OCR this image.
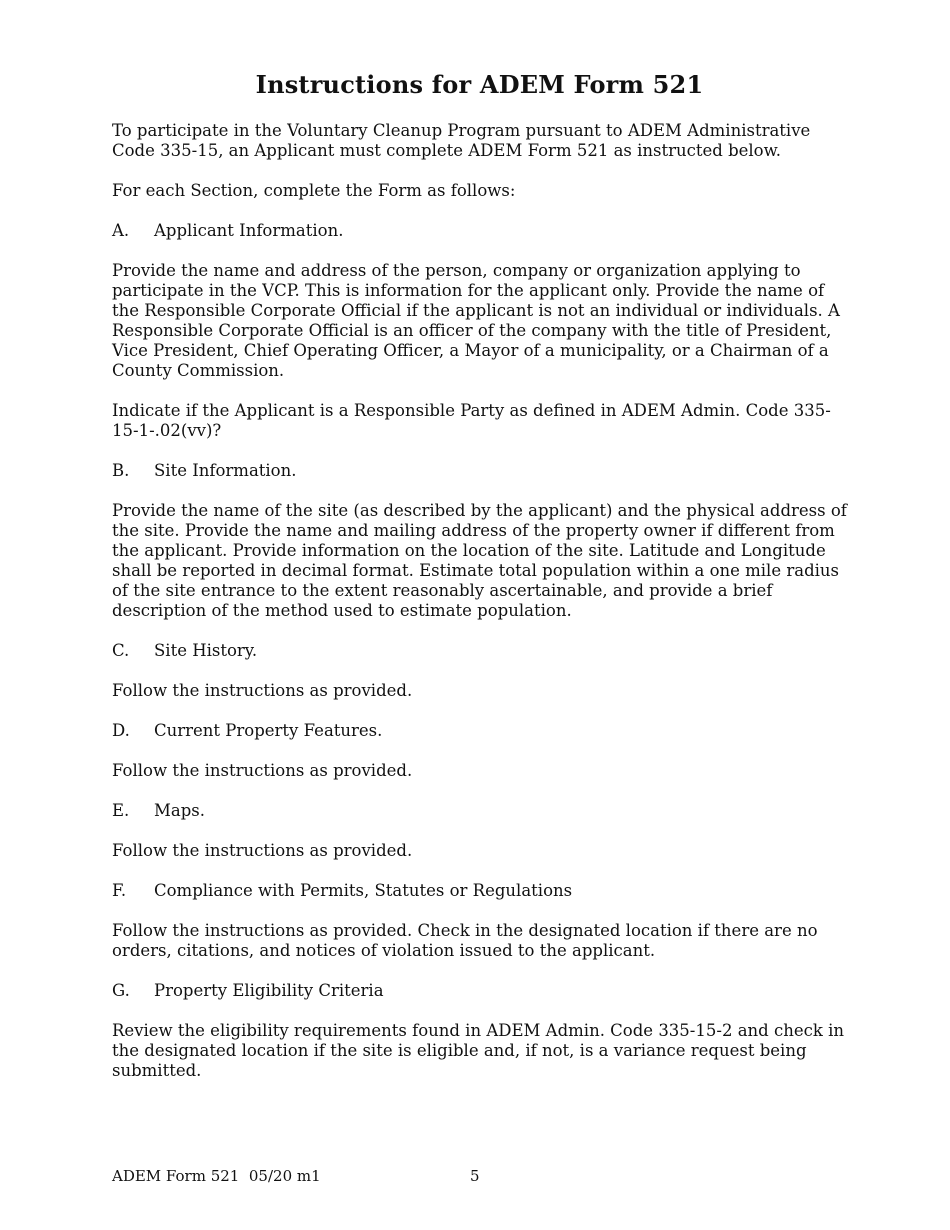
Instructions for ADEM Form 521

To participate in the Voluntary Cleanup Program pursuant to ADEM Administrative Code 335-15, an Applicant must complete ADEM Form 521 as instructed below.

For each Section, complete the Form as follows:

A.	Applicant Information.

Provide the name and address of the person, company or organization applying to participate in the VCP. This is information for the applicant only. Provide the name of the Responsible Corporate Official if the applicant is not an individual or individuals. A Responsible Corporate Official is an officer of the company with the title of President, Vice President, Chief Operating Officer, a Mayor of a municipality, or a Chairman of a County Commission.

Indicate if the Applicant is a Responsible Party as defined in ADEM Admin. Code 335-15-1-.02(vv)?

B.	Site Information.

Provide the name of the site (as described by the applicant) and the physical address of the site. Provide the name and mailing address of the property owner if different from the applicant. Provide information on the location of the site. Latitude and Longitude shall be reported in decimal format. Estimate total population within a one mile radius of the site entrance to the extent reasonably ascertainable, and provide a brief description of the method used to estimate population.

C.	Site History.

Follow the instructions as provided.

D.	Current Property Features.

Follow the instructions as provided.

E.	Maps.

Follow the instructions as provided.

F.	Compliance with Permits, Statutes or Regulations

Follow the instructions as provided. Check in the designated location if there are no orders, citations, and notices of violation issued to the applicant.

G.	Property Eligibility Criteria

Review the eligibility requirements found in ADEM Admin. Code 335-15-2 and check in the designated location if the site is eligible and, if not, is a variance request being submitted.

ADEM Form 521  05/20 m1	5
